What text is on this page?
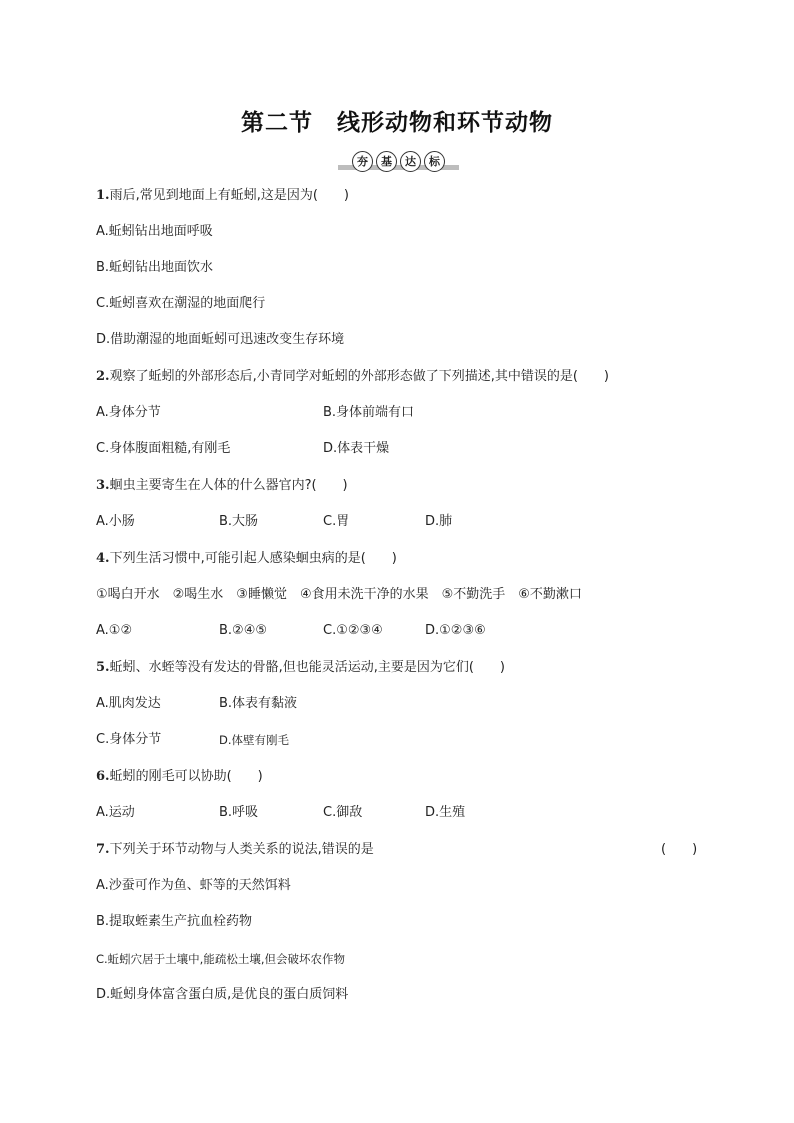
第二节　线形动物和环节动物
夯	基	达	标
1.雨后,常见到地面上有蚯蚓,这是因为(　　)
A.蚯蚓钻出地面呼吸
B.蚯蚓钻出地面饮水
C.蚯蚓喜欢在潮湿的地面爬行
D.借助潮湿的地面蚯蚓可迅速改变生存环境
2.观察了蚯蚓的外部形态后,小青同学对蚯蚓的外部形态做了下列描述,其中错误的是(　　)
A.身体分节	B.身体前端有口
C.身体腹面粗糙,有刚毛	D.体表干燥
3.蛔虫主要寄生在人体的什么器官内?(　　)
A.小肠	B.大肠	C.胃	D.肺
4.下列生活习惯中,可能引起人感染蛔虫病的是(　　)
①喝白开水　②喝生水　③睡懒觉　④食用未洗干净的水果　⑤不勤洗手　⑥不勤漱口
A.①②	B.②④⑤	C.①②③④	D.①②③⑥
5.蚯蚓、水蛭等没有发达的骨骼,但也能灵活运动,主要是因为它们(　　)
A.肌肉发达	B.体表有黏液
C.身体分节	D.体壁有刚毛
6.蚯蚓的刚毛可以协助(　　)
A.运动	B.呼吸	C.御敌	D.生殖
7.下列关于环节动物与人类关系的说法,错误的是	(　　)
A.沙蚕可作为鱼、虾等的天然饵料
B.提取蛭素生产抗血栓药物
C.蚯蚓穴居于土壤中,能疏松土壤,但会破坏农作物
D.蚯蚓身体富含蛋白质,是优良的蛋白质饲料
